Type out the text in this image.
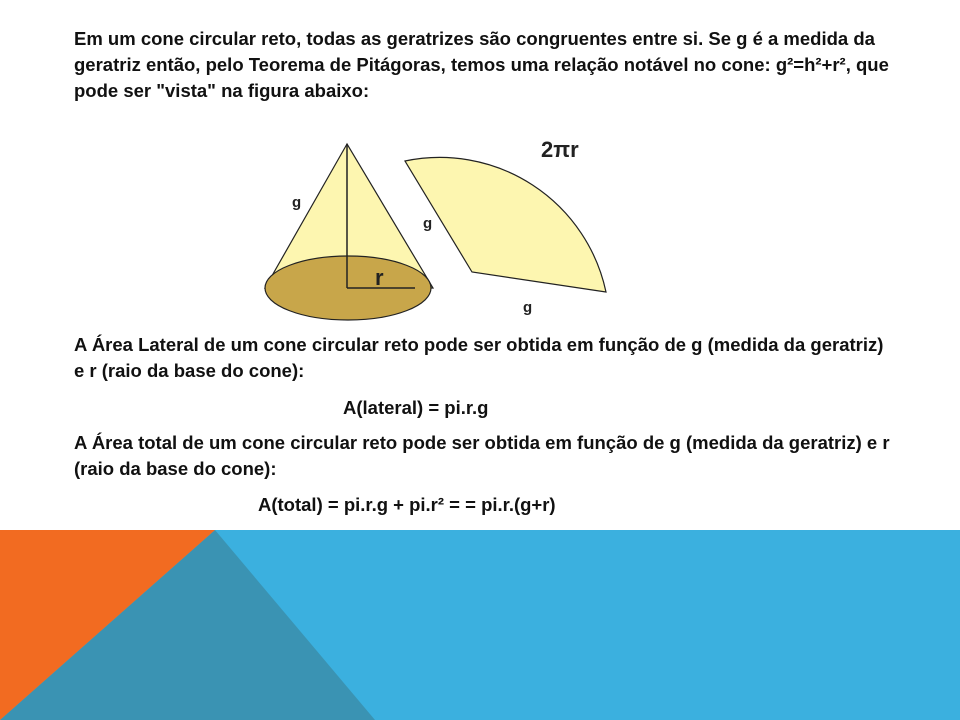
Em um cone circular reto, todas as geratrizes são congruentes entre si. Se g é a medida da geratriz então, pelo Teorema de Pitágoras, temos uma relação notável no cone: g²=h²+r², que pode ser "vista" na figura abaixo:

g
r
2πr
g
g

A Área Lateral de um cone circular reto pode ser obtida em função de g (medida da geratriz) e r (raio da base do cone):

A(lateral) = pi.r.g

A Área total de um cone circular reto pode ser obtida em função de g (medida da geratriz) e r (raio da base do cone):

A(total) = pi.r.g + pi.r² = = pi.r.(g+r)
